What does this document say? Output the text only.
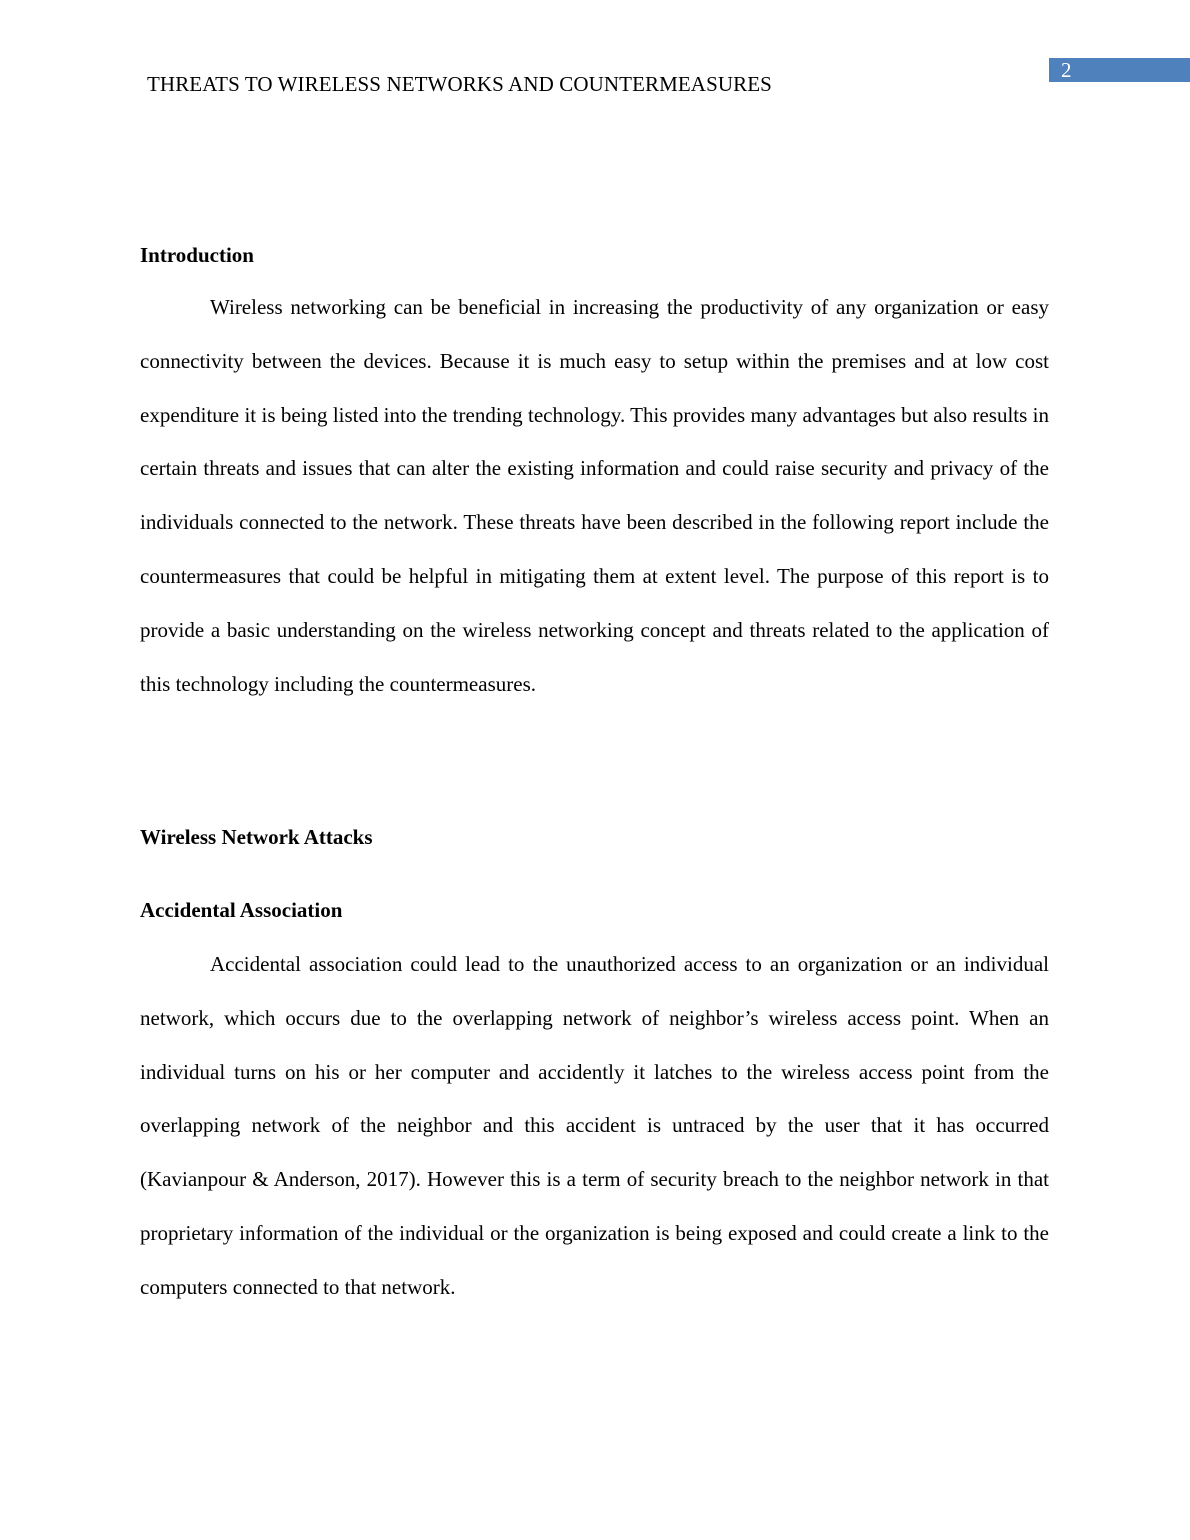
2
THREATS TO WIRELESS NETWORKS AND COUNTERMEASURES
Introduction

Wireless networking can be beneficial in increasing the productivity of any organization or easy connectivity between the devices. Because it is much easy to setup within the premises and at low cost expenditure it is being listed into the trending technology. This provides many advantages but also results in certain threats and issues that can alter the existing information and could raise security and privacy of the individuals connected to the network. These threats have been described in the following report include the countermeasures that could be helpful in mitigating them at extent level. The purpose of this report is to provide a basic understanding on the wireless networking concept and threats related to the application of this technology including the countermeasures.

Wireless Network Attacks
Accidental Association

Accidental association could lead to the unauthorized access to an organization or an individual network, which occurs due to the overlapping network of neighbor’s wireless access point. When an individual turns on his or her computer and accidently it latches to the wireless access point from the overlapping network of the neighbor and this accident is untraced by the user that it has occurred (Kavianpour & Anderson, 2017). However this is a term of security breach to the neighbor network in that proprietary information of the individual or the organization is being exposed and could create a link to the computers connected to that network.
